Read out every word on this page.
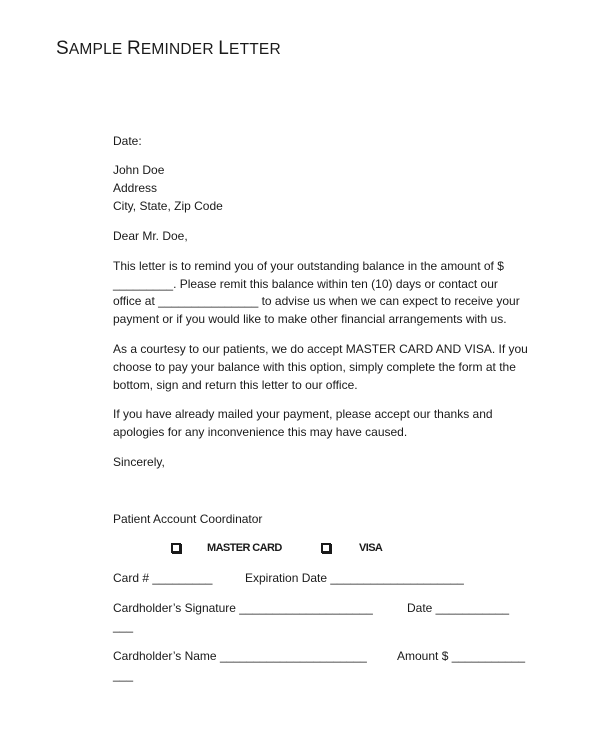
SAMPLE REMINDER LETTER
Date:
John Doe
Address
City, State, Zip Code
Dear Mr. Doe,
This letter is to remind you of your outstanding balance in the amount of $
_________. Please remit this balance within ten (10) days or contact our
office at _______________ to advise us when we can expect to receive your
payment or if you would like to make other financial arrangements with us.
As a courtesy to our patients, we do accept MASTER CARD AND VISA. If you
choose to pay your balance with this option, simply complete the form at the
bottom, sign and return this letter to our office.
If you have already mailed your payment, please accept our thanks and
apologies for any inconvenience this may have caused.
Sincerely,
Patient Account Coordinator
MASTER CARD	VISA
Card # _________	Expiration Date ____________________
Cardholder’s Signature ____________________	Date ___________
___
Cardholder’s Name ______________________	Amount $ ___________
___
